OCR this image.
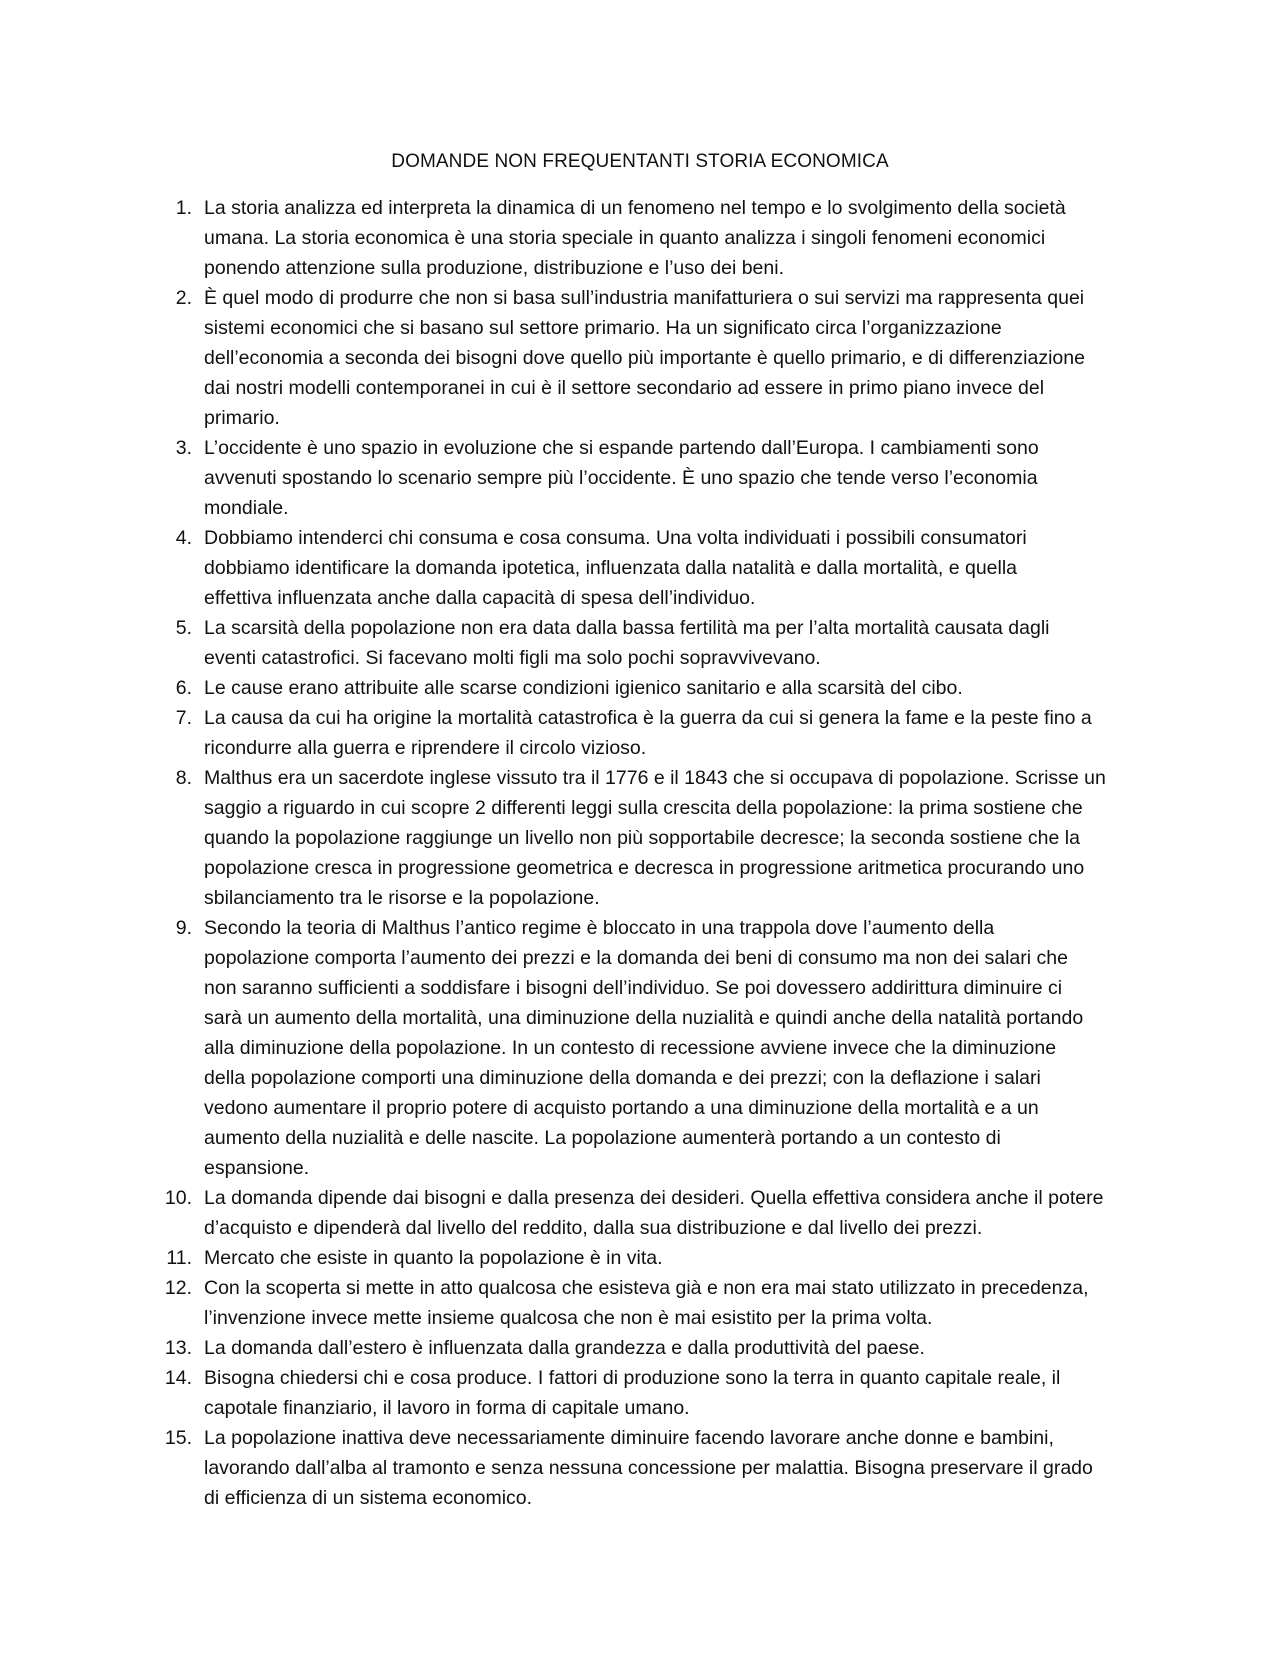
DOMANDE NON FREQUENTANTI STORIA ECONOMICA
1. La storia analizza ed interpreta la dinamica di un fenomeno nel tempo e lo svolgimento della società
umana. La storia economica è una storia speciale in quanto analizza i singoli fenomeni economici
ponendo attenzione sulla produzione, distribuzione e l’uso dei beni.
2. È quel modo di produrre che non si basa sull’industria manifatturiera o sui servizi ma rappresenta quei
sistemi economici che si basano sul settore primario. Ha un significato circa l’organizzazione
dell’economia a seconda dei bisogni dove quello più importante è quello primario, e di differenziazione
dai nostri modelli contemporanei in cui è il settore secondario ad essere in primo piano invece del
primario.
3. L’occidente è uno spazio in evoluzione che si espande partendo dall’Europa. I cambiamenti sono
avvenuti spostando lo scenario sempre più l’occidente. È uno spazio che tende verso l’economia
mondiale.
4. Dobbiamo intenderci chi consuma e cosa consuma. Una volta individuati i possibili consumatori
dobbiamo identificare la domanda ipotetica, influenzata dalla natalità e dalla mortalità, e quella
effettiva influenzata anche dalla capacità di spesa dell’individuo.
5. La scarsità della popolazione non era data dalla bassa fertilità ma per l’alta mortalità causata dagli
eventi catastrofici. Si facevano molti figli ma solo pochi sopravvivevano.
6. Le cause erano attribuite alle scarse condizioni igienico sanitario e alla scarsità del cibo.
7. La causa da cui ha origine la mortalità catastrofica è la guerra da cui si genera la fame e la peste fino a
ricondurre alla guerra e riprendere il circolo vizioso.
8. Malthus era un sacerdote inglese vissuto tra il 1776 e il 1843 che si occupava di popolazione. Scrisse un
saggio a riguardo in cui scopre 2 differenti leggi sulla crescita della popolazione: la prima sostiene che
quando la popolazione raggiunge un livello non più sopportabile decresce; la seconda sostiene che la
popolazione cresca in progressione geometrica e decresca in progressione aritmetica procurando uno
sbilanciamento tra le risorse e la popolazione.
9. Secondo la teoria di Malthus l’antico regime è bloccato in una trappola dove l’aumento della
popolazione comporta l’aumento dei prezzi e la domanda dei beni di consumo ma non dei salari che
non saranno sufficienti a soddisfare i bisogni dell’individuo. Se poi dovessero addirittura diminuire ci
sarà un aumento della mortalità, una diminuzione della nuzialità e quindi anche della natalità portando
alla diminuzione della popolazione. In un contesto di recessione avviene invece che la diminuzione
della popolazione comporti una diminuzione della domanda e dei prezzi; con la deflazione i salari
vedono aumentare il proprio potere di acquisto portando a una diminuzione della mortalità e a un
aumento della nuzialità e delle nascite. La popolazione aumenterà portando a un contesto di
espansione.
10. La domanda dipende dai bisogni e dalla presenza dei desideri. Quella effettiva considera anche il potere
d’acquisto e dipenderà dal livello del reddito, dalla sua distribuzione e dal livello dei prezzi.
11. Mercato che esiste in quanto la popolazione è in vita.
12. Con la scoperta si mette in atto qualcosa che esisteva già e non era mai stato utilizzato in precedenza,
l’invenzione invece mette insieme qualcosa che non è mai esistito per la prima volta.
13. La domanda dall’estero è influenzata dalla grandezza e dalla produttività del paese.
14. Bisogna chiedersi chi e cosa produce. I fattori di produzione sono la terra in quanto capitale reale, il
capotale finanziario, il lavoro in forma di capitale umano.
15. La popolazione inattiva deve necessariamente diminuire facendo lavorare anche donne e bambini,
lavorando dall’alba al tramonto e senza nessuna concessione per malattia. Bisogna preservare il grado
di efficienza di un sistema economico.
